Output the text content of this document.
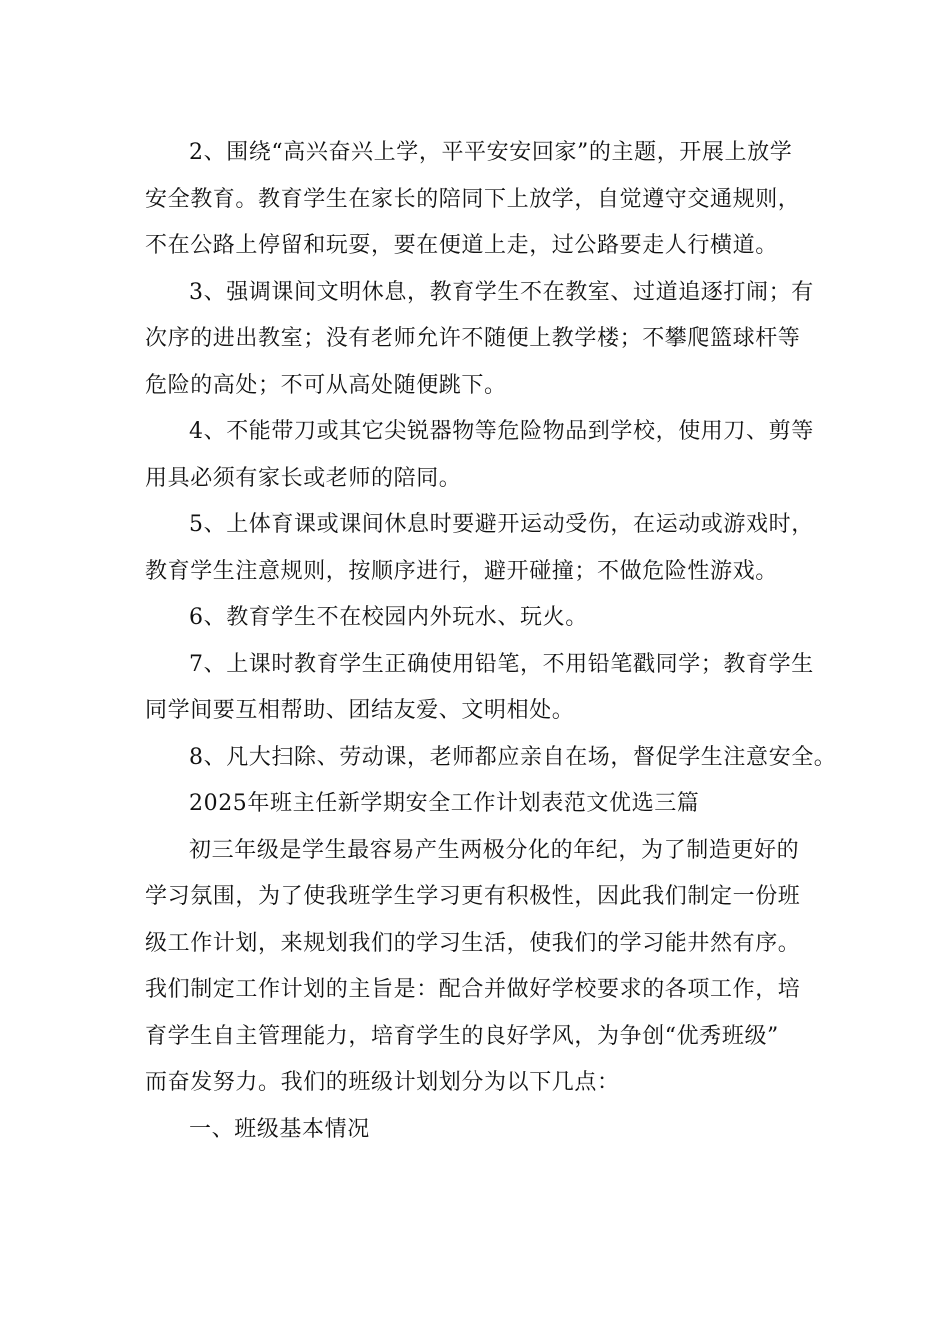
2、围绕“高兴奋兴上学，平平安安回家”的主题，开展上放学
安全教育。教育学生在家长的陪同下上放学，自觉遵守交通规则，
不在公路上停留和玩耍，要在便道上走，过公路要走人行横道。
3、强调课间文明休息，教育学生不在教室、过道追逐打闹；有
次序的进出教室；没有老师允许不随便上教学楼；不攀爬篮球杆等
危险的高处；不可从高处随便跳下。
4、不能带刀或其它尖锐器物等危险物品到学校，使用刀、剪等
用具必须有家长或老师的陪同。
5、上体育课或课间休息时要避开运动受伤，在运动或游戏时，
教育学生注意规则，按顺序进行，避开碰撞；不做危险性游戏。
6、教育学生不在校园内外玩水、玩火。
7、上课时教育学生正确使用铅笔，不用铅笔戳同学；教育学生
同学间要互相帮助、团结友爱、文明相处。
8、凡大扫除、劳动课，老师都应亲自在场，督促学生注意安全。
2025年班主任新学期安全工作计划表范文优选三篇
初三年级是学生最容易产生两极分化的年纪，为了制造更好的
学习氛围，为了使我班学生学习更有积极性，因此我们制定一份班
级工作计划，来规划我们的学习生活，使我们的学习能井然有序。
我们制定工作计划的主旨是：配合并做好学校要求的各项工作，培
育学生自主管理能力，培育学生的良好学风，为争创“优秀班级”
而奋发努力。我们的班级计划划分为以下几点：
一、班级基本情况
